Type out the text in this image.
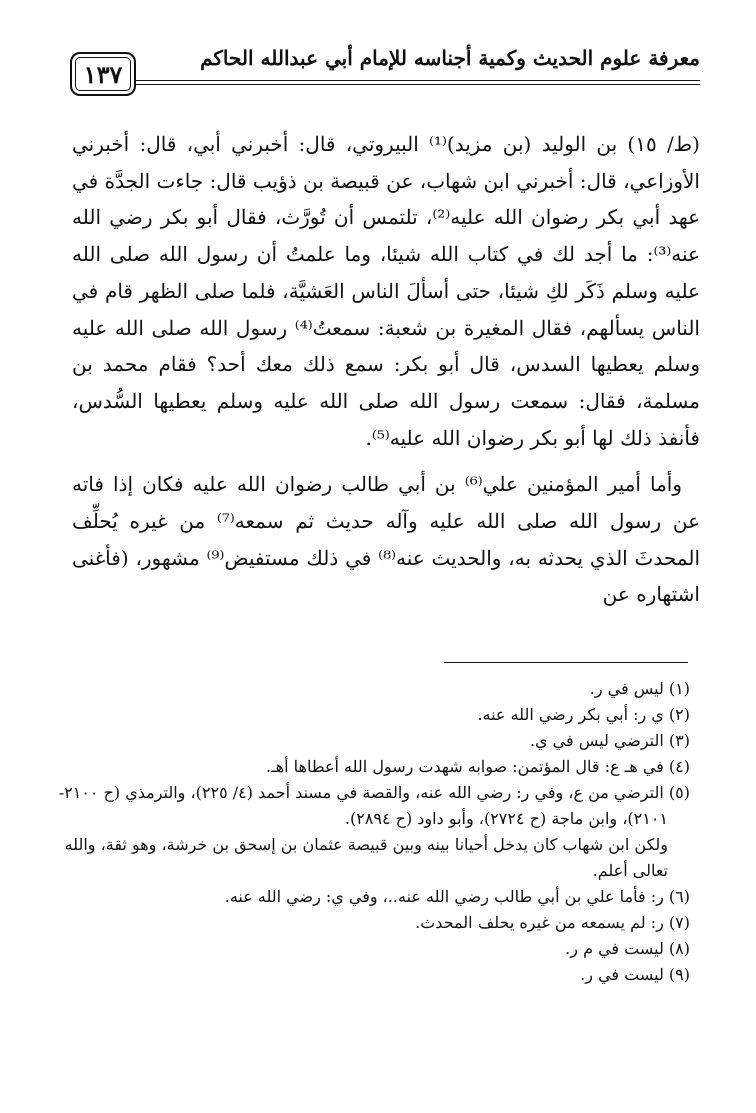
١٣٧
معرفة علوم الحديث وكمية أجناسه للإمام أبي عبدالله الحاكم

(ط/ ١٥) بن الوليد (بن مزيد)⁽¹⁾ البيروتي، قال: أخبرني أبي، قال: أخبرني الأوزاعي، قال: أخبرني ابن شهاب، عن قبيصة بن ذؤيب قال: جاءت الجدَّة في عهد أبي بكر رضوان الله عليه⁽²⁾، تلتمس أن تُورَّث، فقال أبو بكر رضي الله عنه⁽³⁾: ما أجد لك في كتاب الله شيئا، وما علمتُ أن رسول الله صلى الله عليه وسلم ذَكَر لكِ شيئا، حتى أسألَ الناس العَشيَّة، فلما صلى الظهر قام في الناس يسألهم، فقال المغيرة بن شعبة: سمعتُ⁽⁴⁾ رسول الله صلى الله عليه وسلم يعطيها السدس، قال أبو بكر: سمع ذلك معك أحد؟ فقام محمد بن مسلمة، فقال: سمعت رسول الله صلى الله عليه وسلم يعطيها السُّدس، فأنفذ ذلك لها أبو بكر رضوان الله عليه⁽⁵⁾.

وأما أمير المؤمنين علي⁽⁶⁾ بن أبي طالب رضوان الله عليه فكان إذا فاته عن رسول الله صلى الله عليه وآله حديث ثم سمعه⁽⁷⁾ من غيره يُحلِّف المحدثَ الذي يحدثه به، والحديث عنه⁽⁸⁾ في ذلك مستفيض⁽⁹⁾ مشهور، (فأغنى اشتهاره عن

(١) ليس في ر.

(٢) ي ر: أبي بكر رضي الله عنه.

(٣) الترضي ليس في ي.

(٤) في هـ ع: قال المؤتمن: صوابه شهدت رسول الله أعطاها أهـ.

(٥) الترضي من ع، وفي ر: رضي الله عنه، والقصة في مسند أحمد (٤/ ٢٢٥)، والترمذي (ح ٢١٠٠- ٢١٠١)، وابن ماجة (ح ٢٧٢٤)، وأبو داود (ح ٢٨٩٤).

ولكن ابن شهاب كان يدخل أحيانا بينه وبين قبيصة عثمان بن إسحق بن خرشة، وهو ثقة، والله تعالى أعلم.

(٦) ر: فأما علي بن أبي طالب رضي الله عنه..، وفي ي: رضي الله عنه.

(٧) ر: لم يسمعه من غيره يحلف المحدث.

(٨) ليست في م ر.

(٩) ليست في ر.
